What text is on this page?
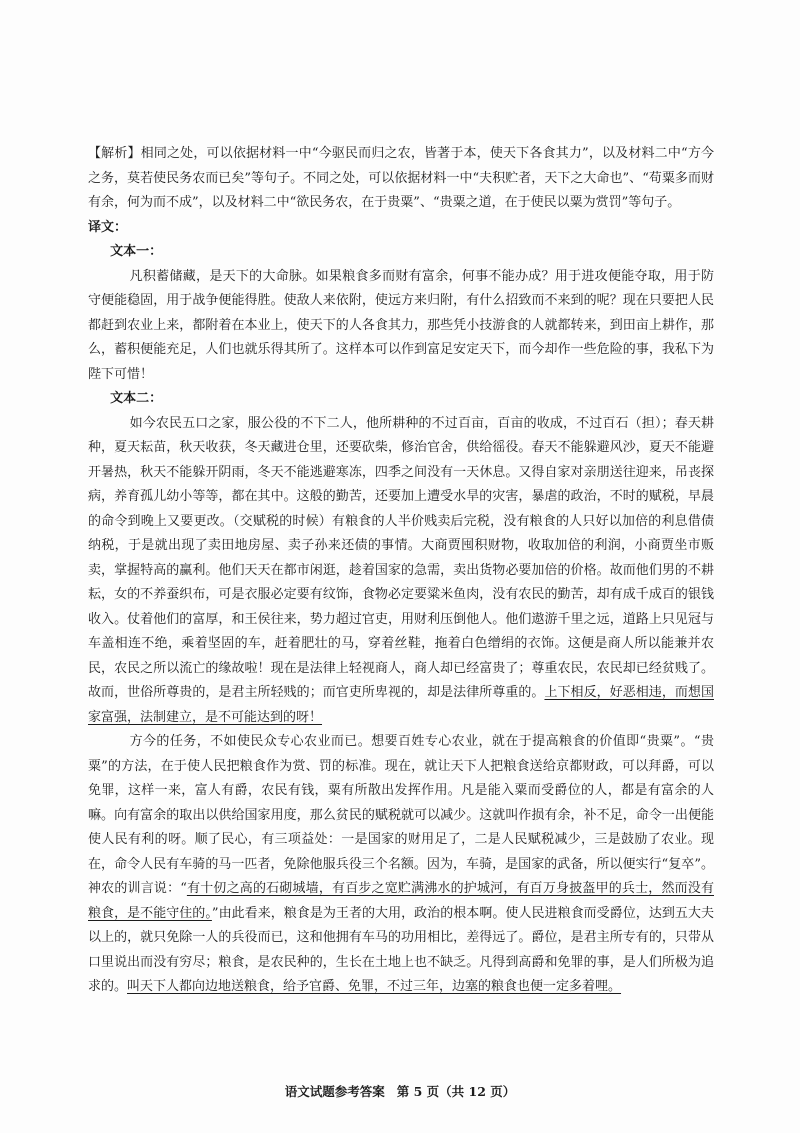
【解析】相同之处，可以依据材料一中“今驱民而归之农，皆著于本，使天下各食其力”，以及材料二中“方今之务，莫若使民务农而已矣”等句子。不同之处，可以依据材料一中“夫积贮者，天下之大命也”、“苟粟多而财有余，何为而不成”，以及材料二中“欲民务农，在于贵粟”、“贵粟之道，在于使民以粟为赏罚”等句子。

译文：

文本一：

凡积蓄储藏，是天下的大命脉。如果粮食多而财有富余，何事不能办成？用于进攻便能夺取，用于防守便能稳固，用于战争便能得胜。使敌人来依附，使远方来归附，有什么招致而不来到的呢？现在只要把人民都赶到农业上来，都附着在本业上，使天下的人各食其力，那些凭小技游食的人就都转来，到田亩上耕作，那么，蓄积便能充足，人们也就乐得其所了。这样本可以作到富足安定天下，而今却作一些危险的事，我私下为陛下可惜！

文本二：

如今农民五口之家，服公役的不下二人，他所耕种的不过百亩，百亩的收成，不过百石（担）；春天耕种，夏天耘苗，秋天收获，冬天藏进仓里，还要砍柴，修治官舍，供给徭役。春天不能躲避风沙，夏天不能避开暑热，秋天不能躲开阴雨，冬天不能逃避寒冻，四季之间没有一天休息。又得自家对亲朋送往迎来，吊丧探病，养育孤儿幼小等等，都在其中。这般的勤苦，还要加上遭受水旱的灾害，暴虐的政治，不时的赋税，早晨的命令到晚上又要更改。（交赋税的时候）有粮食的人半价贱卖后完税，没有粮食的人只好以加倍的利息借债纳税，于是就出现了卖田地房屋、卖子孙来还债的事情。大商贾囤积财物，收取加倍的利润，小商贾坐市贩卖，掌握特高的赢利。他们天天在都市闲逛，趁着国家的急需，卖出货物必要加倍的价格。故而他们男的不耕耘，女的不养蚕织布，可是衣服必定要有纹饰，食物必定要粱米鱼肉，没有农民的勤苦，却有成千成百的银钱收入。仗着他们的富厚，和王侯往来，势力超过官吏，用财利压倒他人。他们遨游千里之远，道路上只见冠与车盖相连不绝，乘着坚固的车，赶着肥壮的马，穿着丝鞋，拖着白色缯绢的衣饰。这便是商人所以能兼并农民，农民之所以流亡的缘故啦！现在是法律上轻视商人，商人却已经富贵了；尊重农民，农民却已经贫贱了。故而，世俗所尊贵的，是君主所轻贱的；而官吏所卑视的，却是法律所尊重的。上下相反，好恶相违，而想国家富强，法制建立，是不可能达到的呀！

方今的任务，不如使民众专心农业而已。想要百姓专心农业，就在于提高粮食的价值即“贵粟”。“贵粟”的方法，在于使人民把粮食作为赏、罚的标准。现在，就让天下人把粮食送给京都财政，可以拜爵，可以免罪，这样一来，富人有爵，农民有钱，粟有所散出发挥作用。凡是能入粟而受爵位的人，都是有富余的人嘛。向有富余的取出以供给国家用度，那么贫民的赋税就可以减少。这就叫作损有余，补不足，命令一出便能使人民有利的呀。顺了民心，有三项益处：一是国家的财用足了，二是人民赋税减少，三是鼓励了农业。现在，命令人民有车骑的马一匹者，免除他服兵役三个名额。因为，车骑，是国家的武备，所以便实行“复卒”。神农的训言说：“有十仞之高的石砌城墙，有百步之宽贮满沸水的护城河，有百万身披盔甲的兵士，然而没有粮食，是不能守住的。”由此看来，粮食是为王者的大用，政治的根本啊。使人民进粮食而受爵位，达到五大夫以上的，就只免除一人的兵役而已，这和他拥有车马的功用相比，差得远了。爵位，是君主所专有的，只带从口里说出而没有穷尽；粮食，是农民种的，生长在土地上也不缺乏。凡得到高爵和免罪的事，是人们所极为追求的。叫天下人都向边地送粮食，给予官爵、免罪，不过三年，边塞的粮食也便一定多着哩。

语文试题参考答案 第 5 页（共 12 页）
